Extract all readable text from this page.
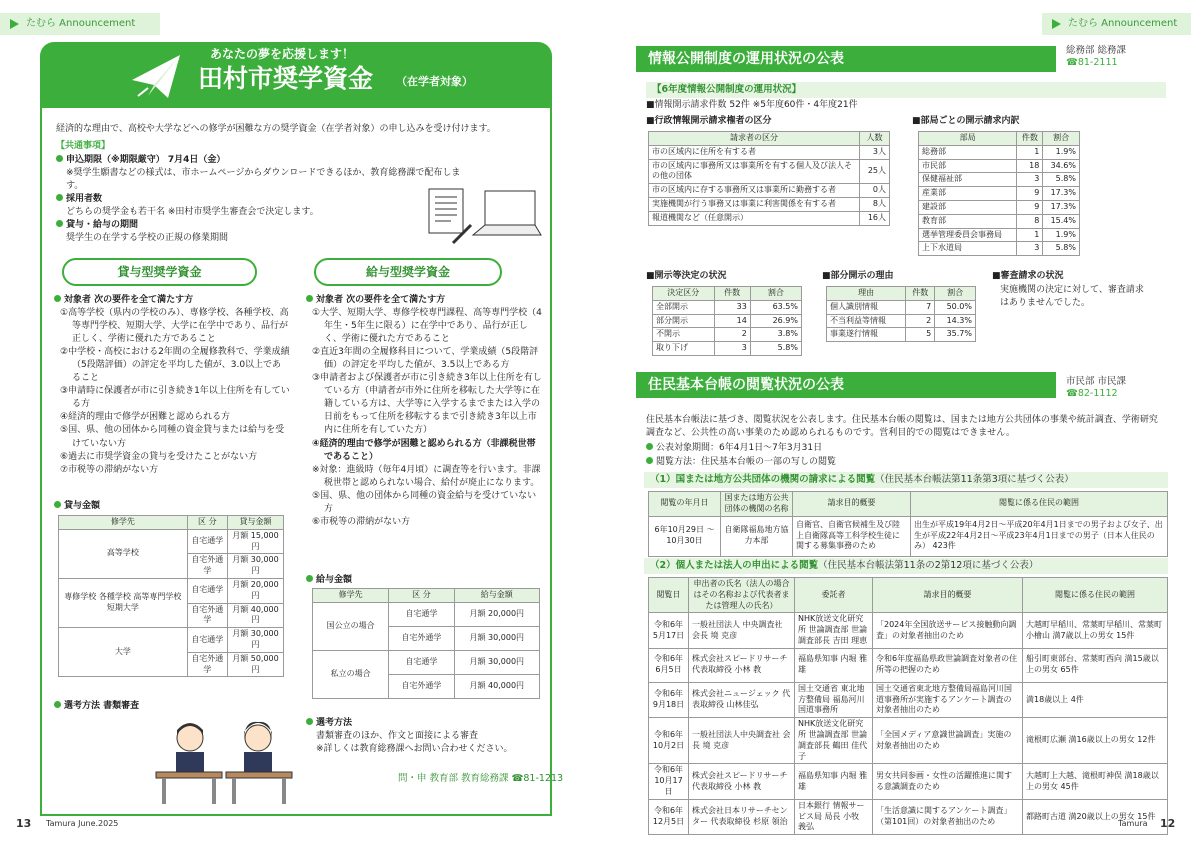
たむら Announcement
あなたの夢を応援します！
田村市奨学資金 （在学者対象）
経済的な理由で、高校や大学などへの修学が困難な方の奨学資金（在学者対象）の申し込みを受け付けます。
【共通事項】
申込期限（※期限厳守） 7月4日（金）
※奨学生願書などの様式は、市ホームページからダウンロードできるほか、教育総務課で配布します。
採用者数
どちらの奨学金も若干名 ※田村市奨学生審査会で決定します。
貸与・給与の期間
奨学生の在学する学校の正規の修業期間
貸与型奨学資金	給与型奨学資金
対象者 次の要件を全て満たす方
①高等学校（県内の学校のみ）、専修学校、各種学校、高等専門学校、短期大学、大学に在学中であり、品行が正しく、学術に優れた方であること
②中学校・高校における2年間の全履修教科で、学業成績（5段階評価）の評定を平均した値が、3.0以上であること
③申請時に保護者が市に引き続き1年以上住所を有している方
④経済的理由で修学が困難と認められる方
⑤国、県、他の団体から同種の資金貸与または給与を受けていない方
⑥過去に市奨学資金の貸与を受けたことがない方
⑦市税等の滞納がない方
貸与金額
修学先	区 分	貸与金額
高等学校	自宅通学	月額 15,000円
	自宅外通学	月額 30,000円
専修学校 各種学校 高等専門学校 短期大学	自宅通学	月額 20,000円
	自宅外通学	月額 40,000円
大学	自宅通学	月額 30,000円
	自宅外通学	月額 50,000円
選考方法 書類審査
対象者 次の要件を全て満たす方
①大学、短期大学、専修学校専門課程、高等専門学校（4年生・5年生に限る）に在学中であり、品行が正しく、学術に優れた方であること
②直近3年間の全履修科目について、学業成績（5段階評価）の評定を平均した値が、3.5以上である方
③申請者および保護者が市に引き続き3年以上住所を有している方（申請者が市外に住所を移転した大学等に在籍している方は、大学等に入学するまでまたは入学の日前をもって住所を移転するまで引き続き3年以上市内に住所を有していた方）
④経済的理由で修学が困難と認められる方（非課税世帯であること）
※対象：進級時（毎年4月頃）に調査等を行います。非課税世帯と認められない場合、給付が廃止になります。
⑤国、県、他の団体から同種の資金給与を受けていない方
⑥市税等の滞納がない方
給与金額
修学先	区 分	給与金額
国公立の場合	自宅通学	月額 20,000円
	自宅外通学	月額 30,000円
私立の場合	自宅通学	月額 30,000円
	自宅外通学	月額 40,000円
選考方法
書類審査のほか、作文と面接による審査
※詳しくは教育総務課へお問い合わせください。
問・申 教育部 教育総務課 ☎81-1213
13 Tamura June.2025
たむら Announcement
情報公開制度の運用状況の公表
総務部 総務課
☎81-2111
【6年度情報公開制度の運用状況】
■情報開示請求件数 52件 ※5年度60件・4年度21件
■行政情報開示請求権者の区分
請求者の区分	人数
市の区域内に住所を有する者	3人
市の区域内に事務所又は事業所を有する個人及び法人その他の団体	25人
市の区域内に存する事務所又は事業所に勤務する者	0人
実施機関が行う事務又は事業に利害関係を有する者	8人
報道機関など（任意開示）	16人
■部局ごとの開示請求内訳
部局	件数	割合
総務部	1	1.9%
市民部	18	34.6%
保健福祉部	3	5.8%
産業部	9	17.3%
建設部	9	17.3%
教育部	8	15.4%
選挙管理委員会事務局	1	1.9%
上下水道局	3	5.8%
■開示等決定の状況
決定区分	件数	割合
全部開示	33	63.5%
部分開示	14	26.9%
不開示	2	3.8%
取り下げ	3	5.8%
■部分開示の理由
理由	件数	割合
個人識別情報	7	50.0%
不当利益等情報	2	14.3%
事業遂行情報	5	35.7%
■審査請求の状況
実施機関の決定に対して、審査請求はありませんでした。
住民基本台帳の閲覧状況の公表	市民部 市民課
☎82-1112
住民基本台帳法に基づき、閲覧状況を公表します。住民基本台帳の閲覧は、国または地方公共団体の事業や統計調査、学術研究調査など、公共性の高い事業のため認められるものです。営利目的での閲覧はできません。
公表対象期間：6年4月1日～7年3月31日
閲覧方法：住民基本台帳の一部の写しの閲覧
（1）国または地方公共団体の機関の請求による閲覧（住民基本台帳法第11条第3項に基づく公表）
閲覧の年月日	国または地方公共団体の機関の名称	請求目的概要	閲覧に係る住民の範囲
6年10月29日 ～10月30日	自衛隊福島地方協力本部	自衛官、自衛官候補生及び陸上自衛隊高等工科学校生徒に関する募集事務のため	出生が平成19年4月2日～平成20年4月1日までの男子および女子、出生が平成22年4月2日～平成23年4月1日までの男子（日本人住民のみ） 423件
（2）個人または法人の申出による閲覧（住民基本台帳法第11条の2第12項に基づく公表）
閲覧日	申出者の氏名（法人の場合はその名称および代表者または管理人の氏名）	委託者	請求目的概要	閲覧に係る住民の範囲
令和6年5月17日	一般社団法人 中央調査社 会長 境 克彦	NHK放送文化研究所 世論調査部 世論調査部長 吉田 理恵	「2024年全国放送サービス接触動向調査」の対象者抽出のため	大越町早稲川、常葉町早稲川、常葉町小檜山 満7歳以上の男女 15件
令和6年6月5日	株式会社スピードリサーチ 代表取締役 小林 教	福島県知事 内堀 雅雄	令和6年度福島県政世論調査対象者の住所等の把握のため	船引町東部台、常葉町西向 満15歳以上の男女 65件
令和6年9月18日	株式会社ニュージェック 代表取締役 山林佳弘	国土交通省 東北地方整備局 福島河川国道事務所	国土交通省東北地方整備局福島河川国道事務所が実施するアンケート調査の対象者抽出のため	満18歳以上 4件
令和6年10月2日	一般社団法人中央調査社 会長 境 克彦	NHK放送文化研究所 世論調査部 世論調査部長 鶴田 佳代子	「全国メディア意識世論調査」実施の対象者抽出のため	滝根町広瀬 満16歳以上の男女 12件
令和6年10月17日	株式会社スピードリサーチ 代表取締役 小林 教	福島県知事 内堀 雅雄	男女共同参画・女性の活躍推進に関する意識調査のため	大越町上大越、滝根町神俣 満18歳以上の男女 45件
令和6年12月5日	株式会社日本リサーチセンター 代表取締役 杉原 領治	日本銀行 情報サービス局 局長 小牧 義弘	「生活意識に関するアンケート調査」（第101回）の対象者抽出のため	都路町古道 満20歳以上の男女 15件
Tamura 12
